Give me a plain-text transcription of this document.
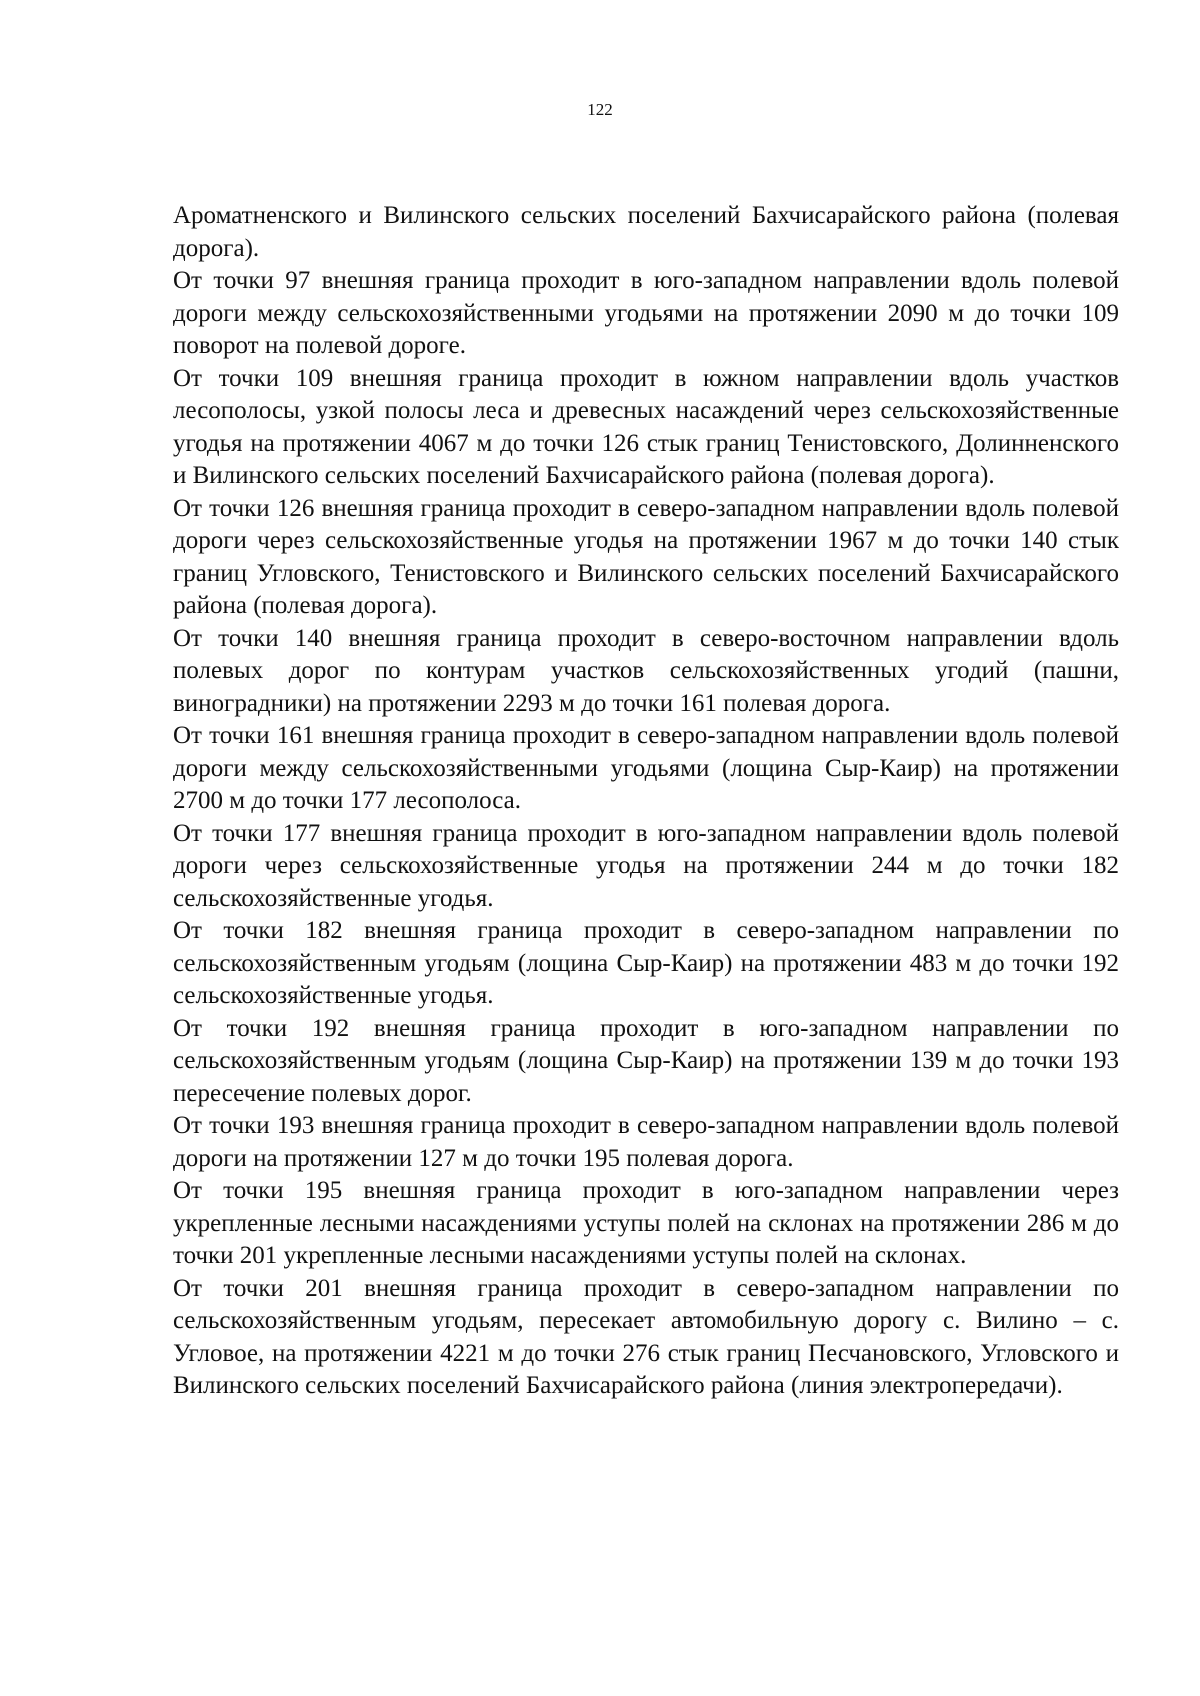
122

Ароматненского и Вилинского сельских поселений Бахчисарайского района (полевая дорога).

От точки 97 внешняя граница проходит в юго-западном направлении вдоль полевой дороги между сельскохозяйственными угодьями на протяжении 2090 м до точки 109 поворот на полевой дороге.

От точки 109 внешняя граница проходит в южном направлении вдоль участков лесополосы, узкой полосы леса и древесных насаждений через сельскохозяйственные угодья на протяжении 4067 м до точки 126 стык границ Тенистовского, Долинненского и Вилинского сельских поселений Бахчисарайского района (полевая дорога).

От точки 126 внешняя граница проходит в северо-западном направлении вдоль полевой дороги через сельскохозяйственные угодья на протяжении 1967 м до точки 140 стык границ Угловского, Тенистовского и Вилинского сельских поселений Бахчисарайского района (полевая дорога).

От точки 140 внешняя граница проходит в северо-восточном направлении вдоль полевых дорог по контурам участков сельскохозяйственных угодий (пашни, виноградники) на протяжении 2293 м до точки 161 полевая дорога.

От точки 161 внешняя граница проходит в северо-западном направлении вдоль полевой дороги между сельскохозяйственными угодьями (лощина Сыр-Каир) на протяжении 2700 м до точки 177 лесополоса.

От точки 177 внешняя граница проходит в юго-западном направлении вдоль полевой дороги через сельскохозяйственные угодья на протяжении 244 м до точки 182 сельскохозяйственные угодья.

От точки 182 внешняя граница проходит в северо-западном направлении по сельскохозяйственным угодьям (лощина Сыр-Каир) на протяжении 483 м до точки 192 сельскохозяйственные угодья.

От точки 192 внешняя граница проходит в юго-западном направлении по сельскохозяйственным угодьям (лощина Сыр-Каир) на протяжении 139 м до точки 193 пересечение полевых дорог.

От точки 193 внешняя граница проходит в северо-западном направлении вдоль полевой дороги на протяжении 127 м до точки 195 полевая дорога.

От точки 195 внешняя граница проходит в юго-западном направлении через укрепленные лесными насаждениями уступы полей на склонах на протяжении 286 м до точки 201 укрепленные лесными насаждениями уступы полей на склонах.

От точки 201 внешняя граница проходит в северо-западном направлении по сельскохозяйственным угодьям, пересекает автомобильную дорогу с. Вилино – с. Угловое, на протяжении 4221 м до точки 276 стык границ Песчановского, Угловского и Вилинского сельских поселений Бахчисарайского района (линия электропередачи).
